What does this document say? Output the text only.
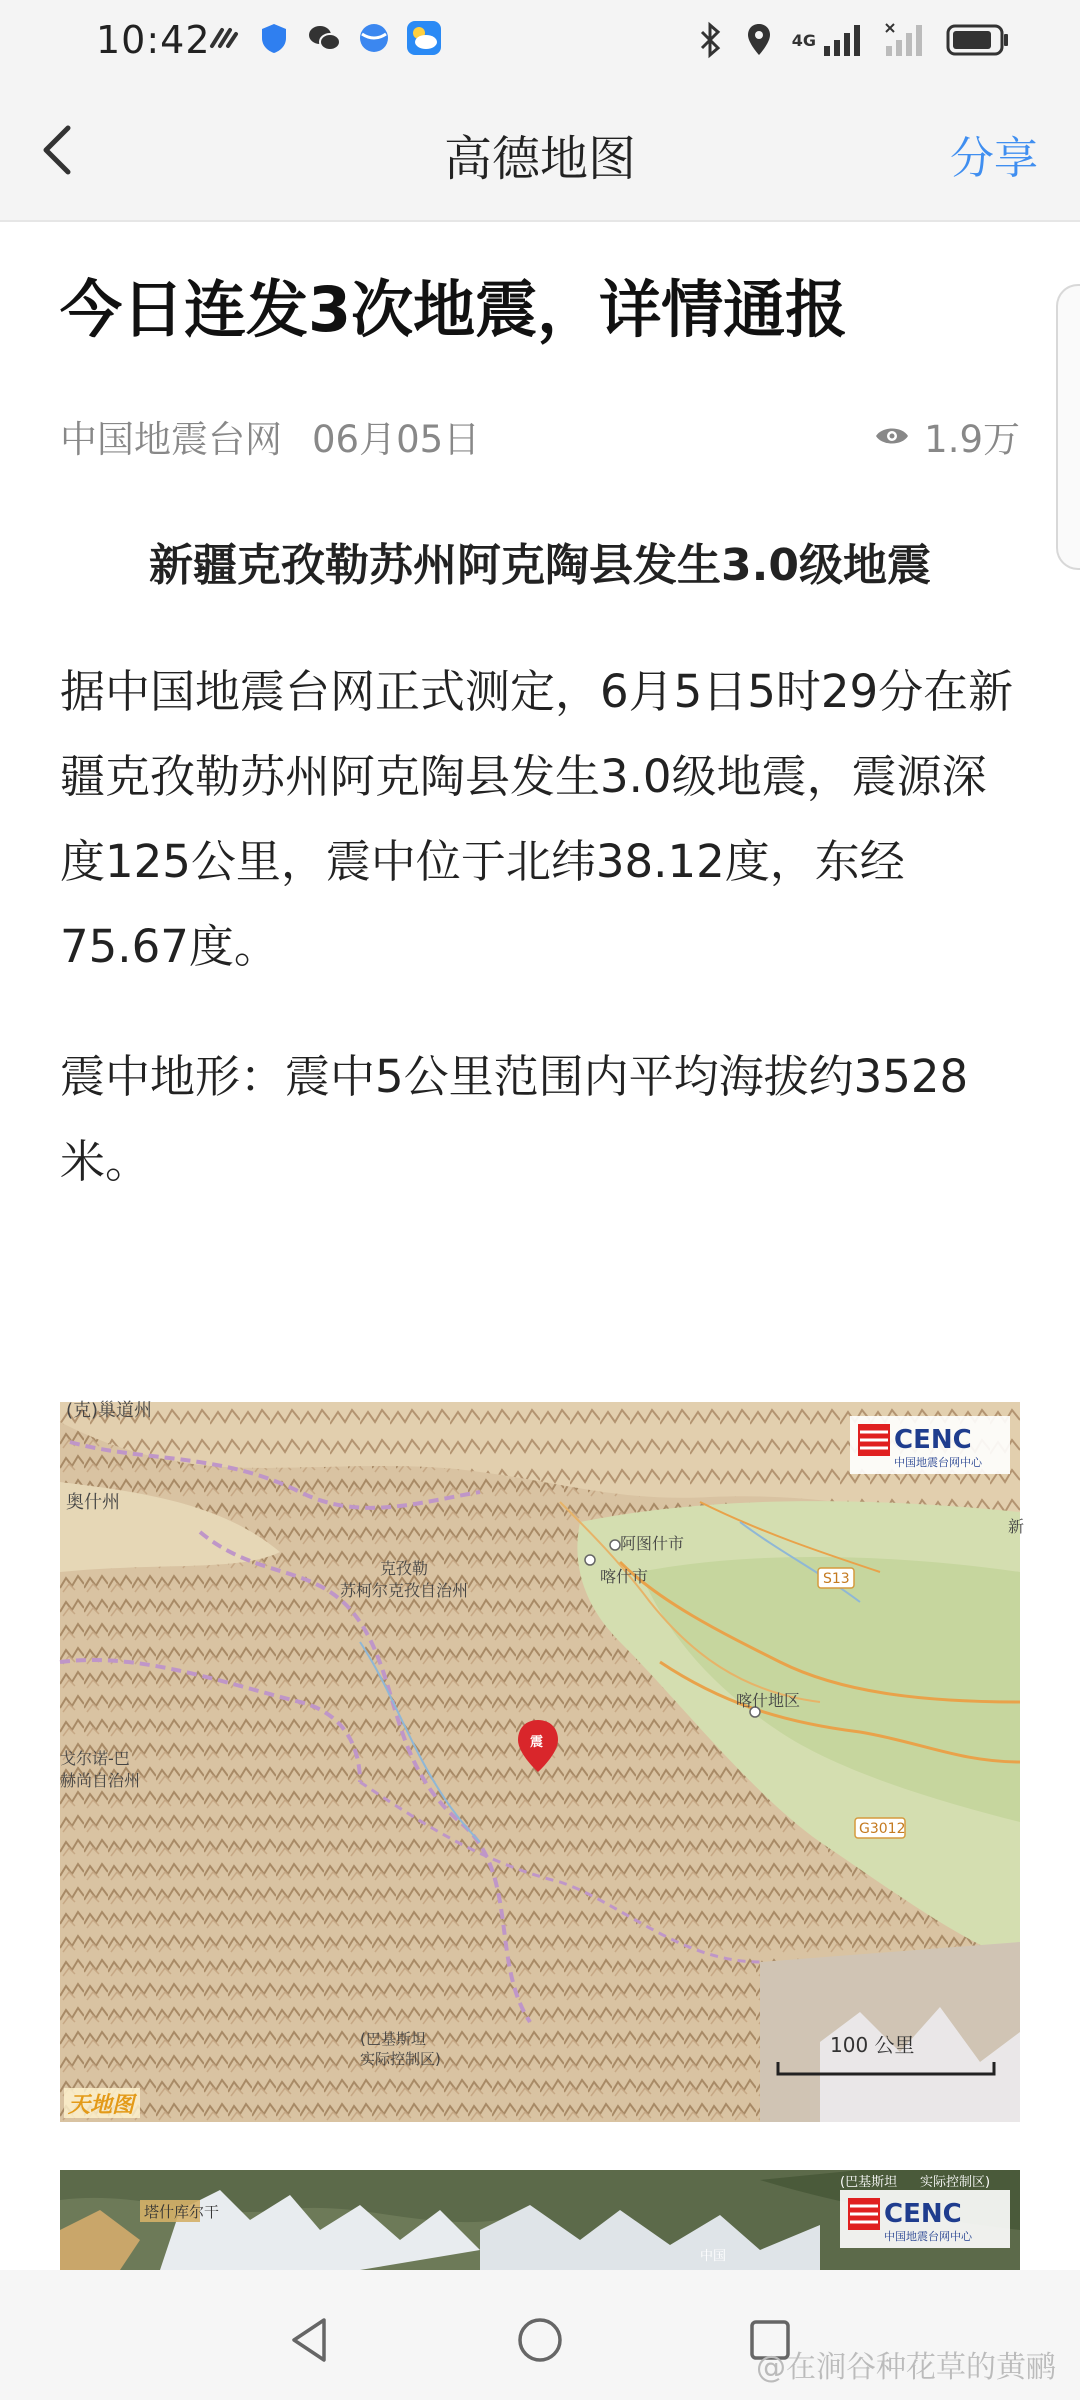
10:42	4G
高德地图	分享
今日连发3次地震，详情通报
中国地震台网 06月05日	1.9万
新疆克孜勒苏州阿克陶县发生3.0级地震

据中国地震台网正式测定，6月5日5时29分在新疆克孜勒苏州阿克陶县发生3.0级地震，震源深度125公里，震中位于北纬38.12度，东经75.67度。

震中地形：震中5公里范围内平均海拔约3528米。

(克)巢道州
奥什州
克孜勒
苏柯尔克孜自治州
阿图什市
喀什市
喀什地区
S13
G3012
戈尔诺-巴
赫尚自治州
(巴基斯坦
实际控制区)
新
震
CENC
中国地震台网中心
100 公里
天地图
塔什库尔干
(巴基斯坦 实际控制区)
中国
CENC
中国地震台网中心
@在涧谷种花草的黄鹂
